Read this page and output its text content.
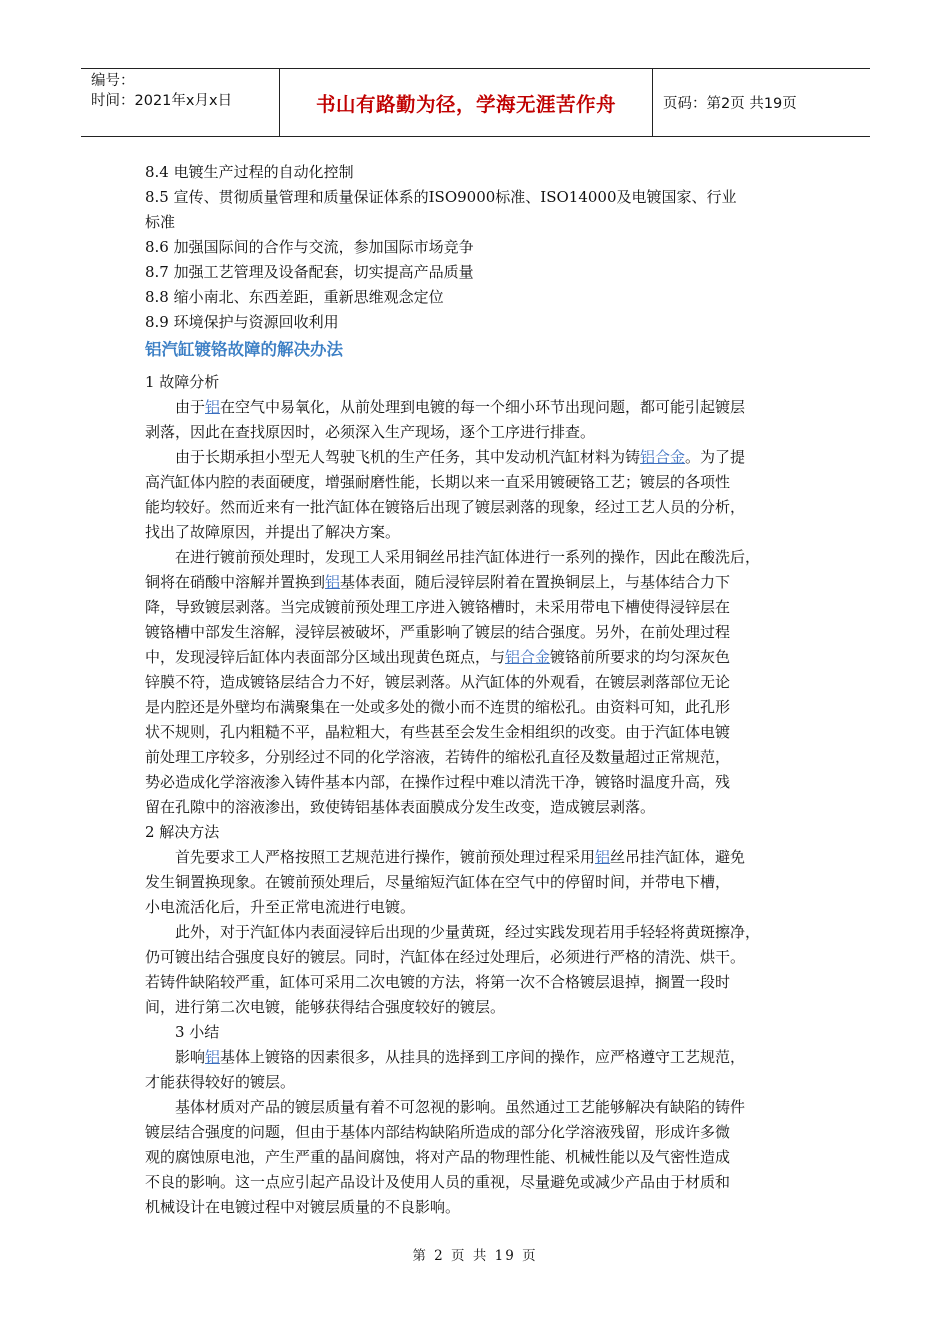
编号：
时间：2021年x月x日	书山有路勤为径，学海无涯苦作舟	页码：第2页 共19页
8.4 电镀生产过程的自动化控制
8.5 宣传、贯彻质量管理和质量保证体系的ISO9000标准、ISO14000及电镀国家、行业
标准
8.6 加强国际间的合作与交流，参加国际市场竞争
8.7 加强工艺管理及设备配套，切实提高产品质量
8.8 缩小南北、东西差距，重新思维观念定位
8.9 环境保护与资源回收利用
铝汽缸镀铬故障的解决办法
1 故障分析
　　由于铝在空气中易氧化，从前处理到电镀的每一个细小环节出现问题，都可能引起镀层
剥落，因此在查找原因时，必须深入生产现场，逐个工序进行排查。
　　由于长期承担小型无人驾驶飞机的生产任务，其中发动机汽缸材料为铸铝合金。为了提
高汽缸体内腔的表面硬度，增强耐磨性能，长期以来一直采用镀硬铬工艺；镀层的各项性
能均较好。然而近来有一批汽缸体在镀铬后出现了镀层剥落的现象，经过工艺人员的分析，
找出了故障原因，并提出了解决方案。
　　在进行镀前预处理时，发现工人采用铜丝吊挂汽缸体进行一系列的操作，因此在酸洗后，
铜将在硝酸中溶解并置换到铝基体表面，随后浸锌层附着在置换铜层上，与基体结合力下
降，导致镀层剥落。当完成镀前预处理工序进入镀铬槽时，未采用带电下槽使得浸锌层在
镀铬槽中部发生溶解，浸锌层被破坏，严重影响了镀层的结合强度。另外，在前处理过程
中，发现浸锌后缸体内表面部分区域出现黄色斑点，与铝合金镀铬前所要求的均匀深灰色
锌膜不符，造成镀铬层结合力不好，镀层剥落。从汽缸体的外观看，在镀层剥落部位无论
是内腔还是外壁均布满聚集在一处或多处的微小而不连贯的缩松孔。由资料可知，此孔形
状不规则，孔内粗糙不平，晶粒粗大，有些甚至会发生金相组织的改变。由于汽缸体电镀
前处理工序较多，分别经过不同的化学溶液，若铸件的缩松孔直径及数量超过正常规范，
势必造成化学溶液渗入铸件基本内部，在操作过程中难以清洗干净，镀铬时温度升高，残
留在孔隙中的溶液渗出，致使铸铝基体表面膜成分发生改变，造成镀层剥落。
2 解决方法
　　首先要求工人严格按照工艺规范进行操作，镀前预处理过程采用铝丝吊挂汽缸体，避免
发生铜置换现象。在镀前预处理后，尽量缩短汽缸体在空气中的停留时间，并带电下槽，
小电流活化后，升至正常电流进行电镀。
　　此外，对于汽缸体内表面浸锌后出现的少量黄斑，经过实践发现若用手轻轻将黄斑擦净，
仍可镀出结合强度良好的镀层。同时，汽缸体在经过处理后，必须进行严格的清洗、烘干。
若铸件缺陷较严重，缸体可采用二次电镀的方法，将第一次不合格镀层退掉，搁置一段时
间，进行第二次电镀，能够获得结合强度较好的镀层。
　　3 小结
　　影响铝基体上镀铬的因素很多，从挂具的选择到工序间的操作，应严格遵守工艺规范，
才能获得较好的镀层。
　　基体材质对产品的镀层质量有着不可忽视的影响。虽然通过工艺能够解决有缺陷的铸件
镀层结合强度的问题，但由于基体内部结构缺陷所造成的部分化学溶液残留，形成许多微
观的腐蚀原电池，产生严重的晶间腐蚀，将对产品的物理性能、机械性能以及气密性造成
不良的影响。这一点应引起产品设计及使用人员的重视，尽量避免或减少产品由于材质和
机械设计在电镀过程中对镀层质量的不良影响。
第 2 页 共 19 页
